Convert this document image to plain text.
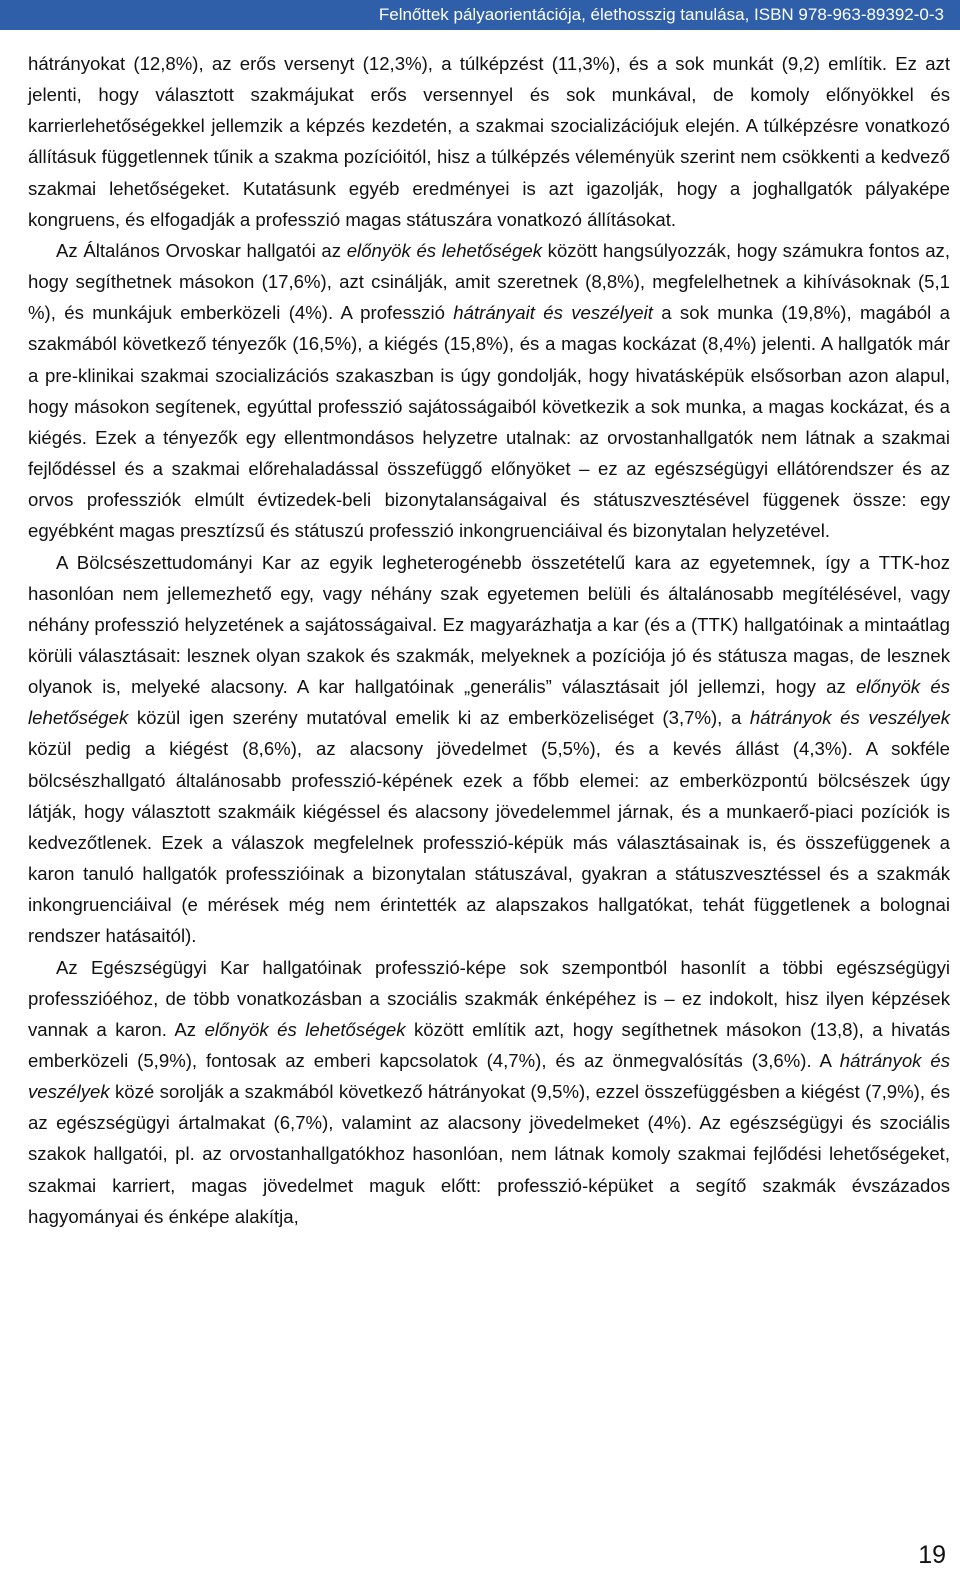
Felnőttek pályaorientációja, élethosszig tanulása, ISBN 978-963-89392-0-3

hátrányokat (12,8%), az erős versenyt (12,3%), a túlképzést (11,3%), és a sok munkát (9,2) említik. Ez azt jelenti, hogy választott szakmájukat erős versennyel és sok munkával, de komoly előnyökkel és karrierlehetőségekkel jellemzik a képzés kezdetén, a szakmai szocializációjuk elején. A túlképzésre vonatkozó állításuk függetlennek tűnik a szakma pozícióitól, hisz a túlképzés véleményük szerint nem csökkenti a kedvező szakmai lehetőségeket. Kutatásunk egyéb eredményei is azt igazolják, hogy a joghallgatók pályaképe kongruens, és elfogadják a professzió magas státuszára vonatkozó állításokat.

Az Általános Orvoskar hallgatói az előnyök és lehetőségek között hangsúlyozzák, hogy számukra fontos az, hogy segíthetnek másokon (17,6%), azt csinálják, amit szeretnek (8,8%), megfelelhetnek a kihívásoknak (5,1 %), és munkájuk emberközeli (4%). A professzió hátrányait és veszélyeit a sok munka (19,8%), magából a szakmából következő tényezők (16,5%), a kiégés (15,8%), és a magas kockázat (8,4%) jelenti. A hallgatók már a pre-klinikai szakmai szocializációs szakaszban is úgy gondolják, hogy hivatásképük elsősorban azon alapul, hogy másokon segítenek, egyúttal professzió sajátosságaiból következik a sok munka, a magas kockázat, és a kiégés. Ezek a tényezők egy ellentmondásos helyzetre utalnak: az orvostanhallgatók nem látnak a szakmai fejlődéssel és a szakmai előrehaladással összefüggő előnyöket – ez az egészségügyi ellátórendszer és az orvos professziók elmúlt évtizedek-beli bizonytalanságaival és státuszvesztésével függenek össze: egy egyébként magas presztízsű és státuszú professzió inkongruenciáival és bizonytalan helyzetével.

A Bölcsészettudományi Kar az egyik legheterogénebb összetételű kara az egyetemnek, így a TTK-hoz hasonlóan nem jellemezhető egy, vagy néhány szak egyetemen belüli és általánosabb megítélésével, vagy néhány professzió helyzetének a sajátosságaival. Ez magyarázhatja a kar (és a (TTK) hallgatóinak a mintaátlag körüli választásait: lesznek olyan szakok és szakmák, melyeknek a pozíciója jó és státusza magas, de lesznek olyanok is, melyeké alacsony. A kar hallgatóinak „generális” választásait jól jellemzi, hogy az előnyök és lehetőségek közül igen szerény mutatóval emelik ki az emberközeliséget (3,7%), a hátrányok és veszélyek közül pedig a kiégést (8,6%), az alacsony jövedelmet (5,5%), és a kevés állást (4,3%). A sokféle bölcsészhallgató általánosabb professzió-képének ezek a főbb elemei: az emberközpontú bölcsészek úgy látják, hogy választott szakmáik kiégéssel és alacsony jövedelemmel járnak, és a munkaerő-piaci pozíciók is kedvezőtlenek. Ezek a válaszok megfelelnek professzió-képük más választásainak is, és összefüggenek a karon tanuló hallgatók professzióinak a bizonytalan státuszával, gyakran a státuszvesztéssel és a szakmák inkongruenciáival (e mérések még nem érintették az alapszakos hallgatókat, tehát függetlenek a bolognai rendszer hatásaitól).

Az Egészségügyi Kar hallgatóinak professzió-képe sok szempontból hasonlít a többi egészségügyi professzióéhoz, de több vonatkozásban a szociális szakmák énképéhez is – ez indokolt, hisz ilyen képzések vannak a karon. Az előnyök és lehetőségek között említik azt, hogy segíthetnek másokon (13,8), a hivatás emberközeli (5,9%), fontosak az emberi kapcsolatok (4,7%), és az önmegvalósítás (3,6%). A hátrányok és veszélyek közé sorolják a szakmából következő hátrányokat (9,5%), ezzel összefüggésben a kiégést (7,9%), és az egészségügyi ártalmakat (6,7%), valamint az alacsony jövedelmeket (4%). Az egészségügyi és szociális szakok hallgatói, pl. az orvostanhallgatókhoz hasonlóan, nem látnak komoly szakmai fejlődési lehetőségeket, szakmai karriert, magas jövedelmet maguk előtt: professzió-képüket a segítő szakmák évszázados hagyományai és énképe alakítja,

19
